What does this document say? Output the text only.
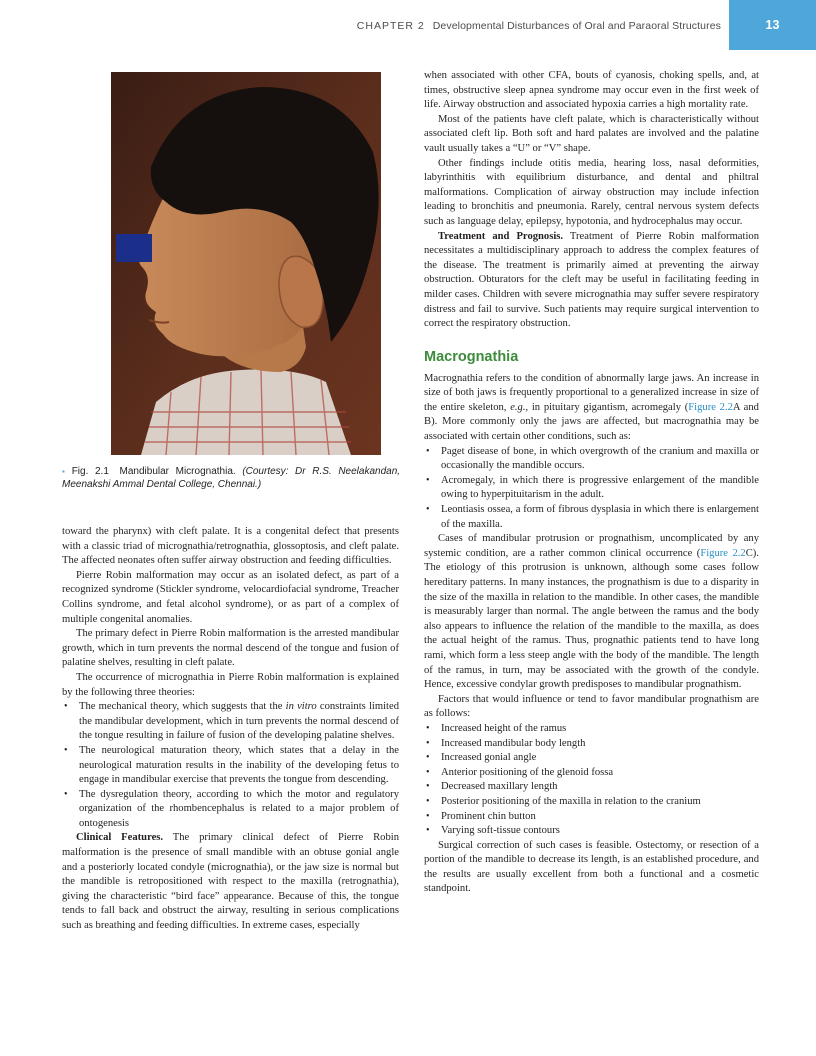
CHAPTER 2 Developmental Disturbances of Oral and Paraoral Structures	13
▪ Fig. 2.1 Mandibular Micrognathia. (Courtesy: Dr R.S. Neelakandan, Meenakshi Ammal Dental College, Chennai.)

toward the pharynx) with cleft palate. It is a congenital defect that presents with a classic triad of micrognathia/retrognathia, glossoptosis, and cleft palate. The affected neonates often suffer airway obstruction and feeding difficulties.

Pierre Robin malformation may occur as an isolated defect, as part of a recognized syndrome (Stickler syndrome, velocardiofacial syndrome, Treacher Collins syndrome, and fetal alcohol syndrome), or as part of a complex of multiple congenital anomalies.

The primary defect in Pierre Robin malformation is the arrested mandibular growth, which in turn prevents the normal descend of the tongue and fusion of palatine shelves, resulting in cleft palate.

The occurrence of micrognathia in Pierre Robin malformation is explained by the following three theories:

• The mechanical theory, which suggests that the in vitro constraints limited the mandibular development, which in turn prevents the normal descend of the tongue resulting in failure of fusion of the developing palatine shelves.
• The neurological maturation theory, which states that a delay in the neurological maturation results in the inability of the developing fetus to engage in mandibular exercise that prevents the tongue from descending.
• The dysregulation theory, according to which the motor and regulatory organization of the rhombencephalus is related to a major problem of ontogenesis

Clinical Features. The primary clinical defect of Pierre Robin malformation is the presence of small mandible with an obtuse gonial angle and a posteriorly located condyle (micrognathia), or the jaw size is normal but the mandible is retropositioned with respect to the maxilla (retrognathia), giving the characteristic “bird face” appearance. Because of this, the tongue tends to fall back and obstruct the airway, resulting in serious complications such as breathing and feeding difficulties. In extreme cases, especially

when associated with other CFA, bouts of cyanosis, choking spells, and, at times, obstructive sleep apnea syndrome may occur even in the first week of life. Airway obstruction and associated hypoxia carries a high mortality rate.

Most of the patients have cleft palate, which is characteristically without associated cleft lip. Both soft and hard palates are involved and the palatine vault usually takes a “U” or “V” shape.

Other findings include otitis media, hearing loss, nasal deformities, labyrinthitis with equilibrium disturbance, and dental and philtral malformations. Complication of airway obstruction may include infection leading to bronchitis and pneumonia. Rarely, central nervous system defects such as language delay, epilepsy, hypotonia, and hydrocephalus may occur.

Treatment and Prognosis. Treatment of Pierre Robin malformation necessitates a multidisciplinary approach to address the complex features of the disease. The treatment is primarily aimed at preventing the airway obstruction. Obturators for the cleft may be useful in facilitating feeding in milder cases. Children with severe micrognathia may suffer severe respiratory distress and fail to survive. Such patients may require surgical intervention to correct the respiratory obstruction.

Macrognathia

Macrognathia refers to the condition of abnormally large jaws. An increase in size of both jaws is frequently proportional to a generalized increase in size of the entire skeleton, e.g., in pituitary gigantism, acromegaly (Figure 2.2A and B). More commonly only the jaws are affected, but macrognathia may be associated with certain other conditions, such as:

• Paget disease of bone, in which overgrowth of the cranium and maxilla or occasionally the mandible occurs.
• Acromegaly, in which there is progressive enlargement of the mandible owing to hyperpituitarism in the adult.
• Leontiasis ossea, a form of fibrous dysplasia in which there is enlargement of the maxilla.

Cases of mandibular protrusion or prognathism, uncomplicated by any systemic condition, are a rather common clinical occurrence (Figure 2.2C). The etiology of this protrusion is unknown, although some cases follow hereditary patterns. In many instances, the prognathism is due to a disparity in the size of the maxilla in relation to the mandible. In other cases, the mandible is measurably larger than normal. The angle between the ramus and the body also appears to influence the relation of the mandible to the maxilla, as does the actual height of the ramus. Thus, prognathic patients tend to have long rami, which form a less steep angle with the body of the mandible. The length of the ramus, in turn, may be associated with the growth of the condyle. Hence, excessive condylar growth predisposes to mandibular prognathism.

Factors that would influence or tend to favor mandibular prognathism are as follows:

• Increased height of the ramus
• Increased mandibular body length
• Increased gonial angle
• Anterior positioning of the glenoid fossa
• Decreased maxillary length
• Posterior positioning of the maxilla in relation to the cranium
• Prominent chin button
• Varying soft-tissue contours

Surgical correction of such cases is feasible. Ostectomy, or resection of a portion of the mandible to decrease its length, is an established procedure, and the results are usually excellent from both a functional and a cosmetic standpoint.
